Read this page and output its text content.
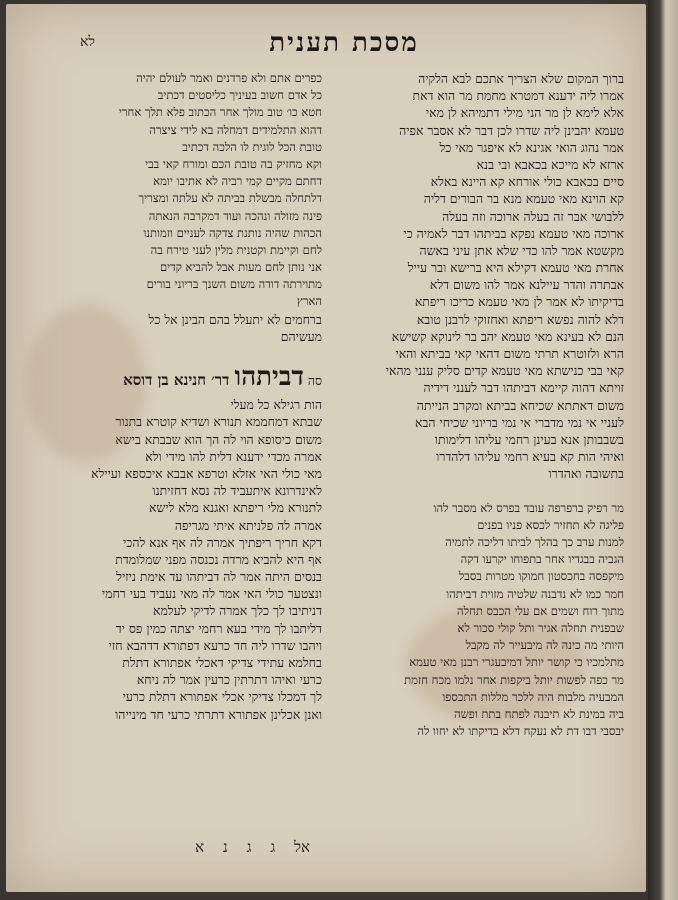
מסכת תענית
לא
ברוך המקום שלא הצריך אתכם לבא הלקיה
אמרו ליה ידענא דמטרא מחמת מר הוא דאת
אלא לימא לן מר הני מילי דתמיהא לן מאי
טעמא יהבינן ליה שדרו לכן דבר לא אסבר אפיה
אמר נהוג הואי אגינא לא איפגר מאי כל
ארזא לא מייכא בכאבא ובי בנא
סיים בכאבא כולי אורחא קא היינא באלא
קא הוינא מאי טעמא מנא בר הבורים דליה
ללבושי אבר זה בעלה ארוכה וזה בעלה
ארוכה מאי טעמא נפקא בביתהו דבר לאמיה כי
מקשטא אמר להו כדי שלא אתן עיני באשה
אחרת מאי טעמא דקילא היא ברישא ובר עייל
אבתרה והדר עיילנא אמר להו משום דלא
בדיקיתו לא אמר לן מאי טעמא כריכו ריפתא
דלא להוה נפשא ריפתא ואחזוקי לרבנן טובא
הנם לא בעינא מאי טעמא יהב בר לינוקא קשישא
הרא ולזוטרא תרתי משום דהאי קאי בביתא והאי
קאי בבי כנישתא מאי טעמא קדים סליק ענני מהאי
זויתא דהוה קיימא דביתהו דבר לענני דידיה
משום דאתתא שכיחא בביתא ומקרב הנייתה
לעניי אי נמי מדברי אי נמי בריוני שכיחי הבא
בשבבותן אנא בעינן רחמי עליהו דלימותו
ואיהי הות קא בעיא רחמי עליהו דלהדרו
בתשובה ואהדרו
מר רפיק ברפרפה עובד בפרס לא מסבר להו
פליגה לא תחזיר לכסא פניו בפנים
למנות ערב כך בהלך לביתו דליכה לתמיה
הגביה בבגדיו אחר בתפוחו יקרעו דקה
מיקפסה בחכסטון חמוקו מטרות בסבל
חמר כמו לא נדבנה שלטיה מזוית דביתהו
מתוך רוח ושמים אם עלי הכבס תחלה
שבפנית תחלה אגיר ותל קולי סכור לא
היותי מה כינה לה מיבעייר לה מקבל
מתלמכיו כי קושר יותל דמיבעגרי רבנן מאי טעמא
מר כפה לפשות יותל ביקפות אחר נלמו מכח חזמת
המבעיה מלבות היה ללכר מללות התכספו
ביה במינת לא תיבנה לפתח בתת ופשה
יבסבי דבו דת לא נעקח דלא בדיקתו לא יחוו לה
כפרים אתם ולא פרדנים ואמר לעולם יהיה
כל אדם חשוב בעיניך כליסטים דכתיב
חטא כו׳ טוב מולך אחר הכתוב פלא תלך אחרי
דהוא התלמידים דמחלה בא לידי ציצרה
טובת הכל לוגית לו הלכה דכתיב
וקא מחזיק בה טובת הכם ומורח קאי בבי
דחתם מקיים קמי רביה לא אתיבו יומא
דלתחלה מבשלת בביתה לא עלתה ומצריך
פינה מזולה ונהכה ועוד דמקרבה הנאתה
הכהות שהיה נותנת צדקה לעניים וזמותנו
לחם וקיימת וקטנית מלין לעני טירח בה
אני נותן לחם מעות אבל להביא קדים
מתוירתה דודה משום השנך בריוני בורים
הארץ
ברחמים לא יתעלל בהם הבינן אל כל
מעשיהם
סה דביתהו דר׳ חנינא בן דוסא
הות רגילא כל מעלי
שבתא דמחממא תנורא ושדיא קוטרא בתנור
משום כיסופא הוי לה הך הוא שבבתא בישא
אמרה מכדי ידענא דלית להו מידי ולא
מאי כולי האי אזלא וטרפא אבבא איכספא ועיילא
לאינדרונא איתעביד לה נסא דחזיתנו
לתנורא מלי ריפתא ואגנא מלא לישא
אמרה לה פלניתא איתי מגריפה
דקא חריך ריפתיך אמרה לה אף אנא להכי
אף היא להביא מרדה נכנסה מפני שמלומדת
בנסים היתה אמר לה דביתהו עד אימת ניזיל
ונצטער כולי האי אמר לה מאי נעביד בעי רחמי
דניתיבו לך כלך אמרה לדיקי לעלמא
דליתבו לך מידי בעא רחמי יצתה כמין פס יד
ויהבו שדרו ליה חד כרעא דפתורא דדהבא חזי
בחלמא עתידי צדיקי דאכלי אפתורא דתלת
כרעי ואיהו דתרתין כרעין אמר לה ניחא
לך דמכלו צדיקי אכלי אפתורא דתלת כרעי
ואנן אכלינן אפתורא דתרתי כרעי חד מינייהו
אל ג ג נ א
